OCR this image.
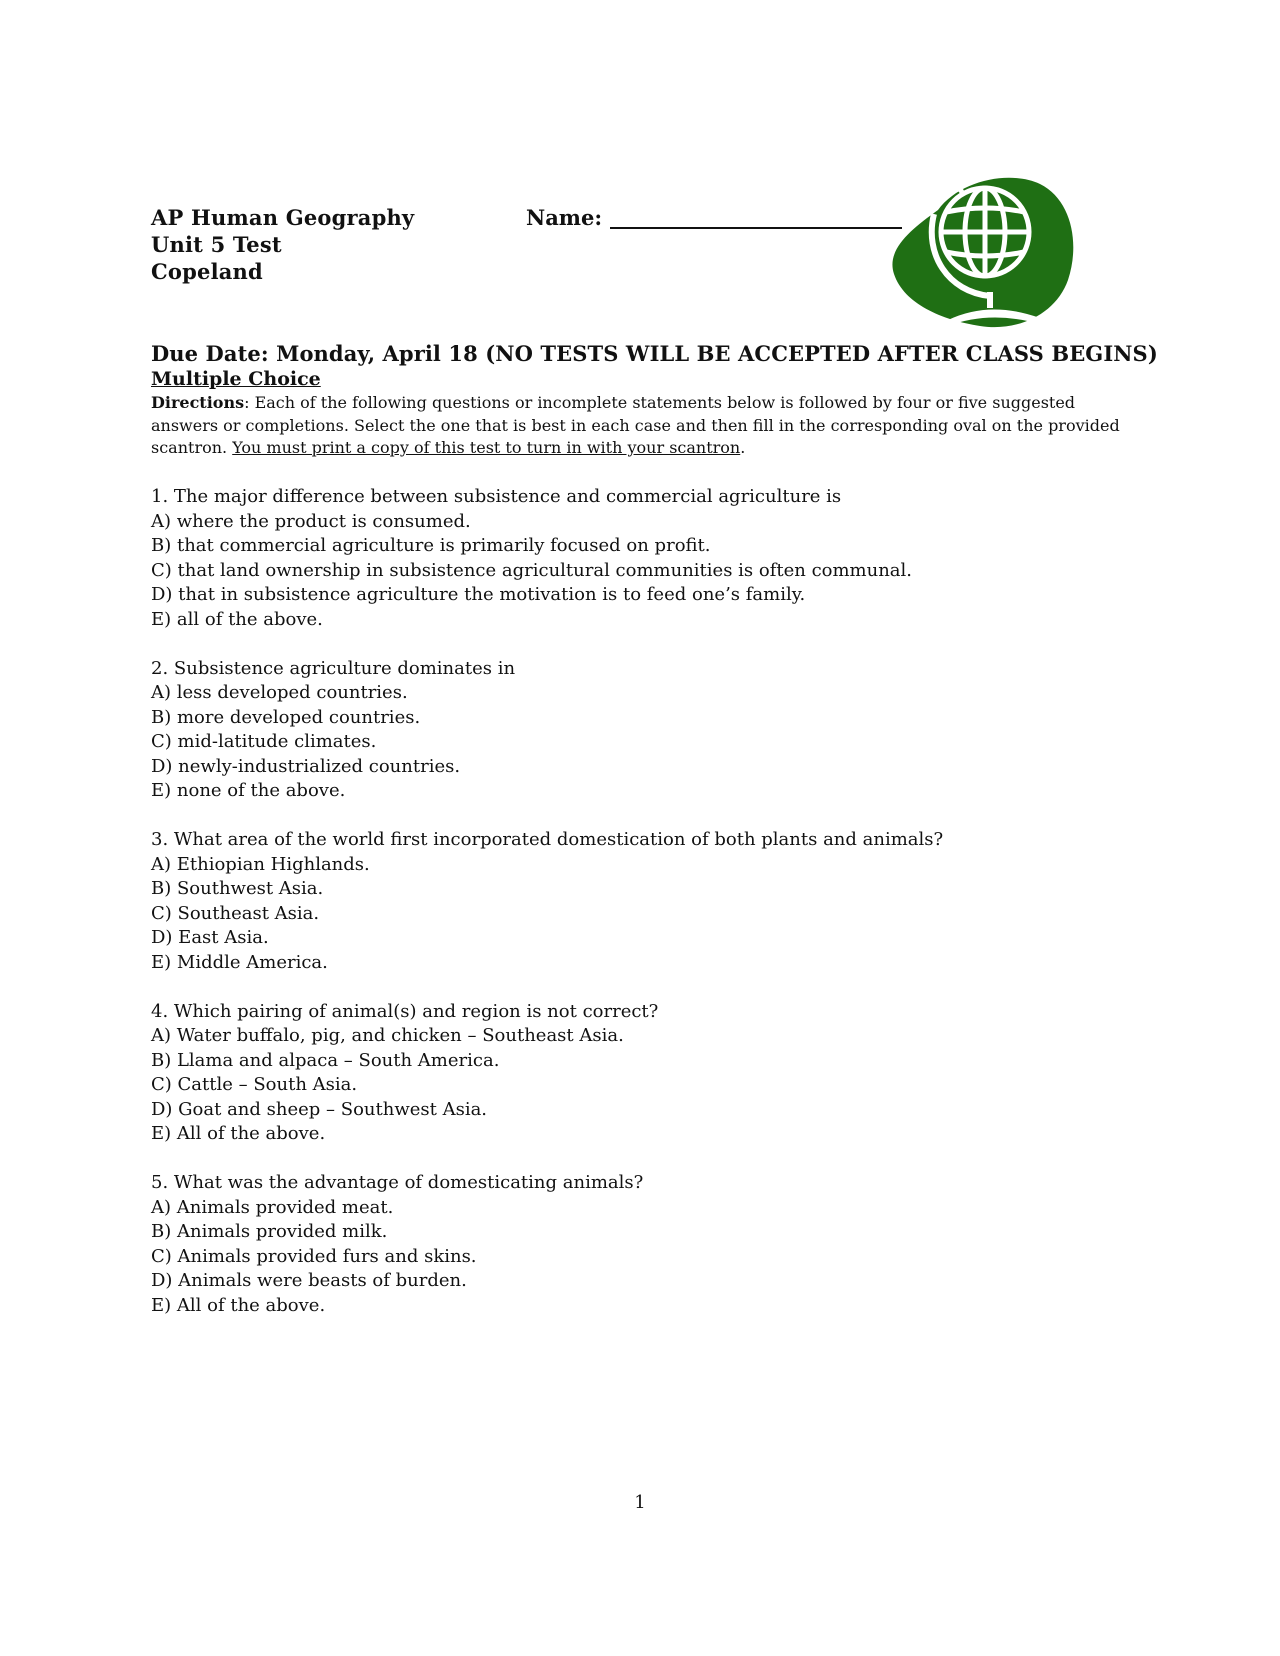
AP Human Geography
Unit 5 Test
Copeland
Name:
Due Date: Monday, April 18 (NO TESTS WILL BE ACCEPTED AFTER CLASS BEGINS)
Multiple Choice
Directions: Each of the following questions or incomplete statements below is followed by four or five suggested answers or completions. Select the one that is best in each case and then fill in the corresponding oval on the provided scantron. You must print a copy of this test to turn in with your scantron.
1. The major difference between subsistence and commercial agriculture is
A) where the product is consumed.
B) that commercial agriculture is primarily focused on profit.
C) that land ownership in subsistence agricultural communities is often communal.
D) that in subsistence agriculture the motivation is to feed one’s family.
E) all of the above.
2. Subsistence agriculture dominates in
A) less developed countries.
B) more developed countries.
C) mid-latitude climates.
D) newly-industrialized countries.
E) none of the above.
3. What area of the world first incorporated domestication of both plants and animals?
A) Ethiopian Highlands.
B) Southwest Asia.
C) Southeast Asia.
D) East Asia.
E) Middle America.
4. Which pairing of animal(s) and region is not correct?
A) Water buffalo, pig, and chicken – Southeast Asia.
B) Llama and alpaca – South America.
C) Cattle – South Asia.
D) Goat and sheep – Southwest Asia.
E) All of the above.
5. What was the advantage of domesticating animals?
A) Animals provided meat.
B) Animals provided milk.
C) Animals provided furs and skins.
D) Animals were beasts of burden.
E) All of the above.
1
